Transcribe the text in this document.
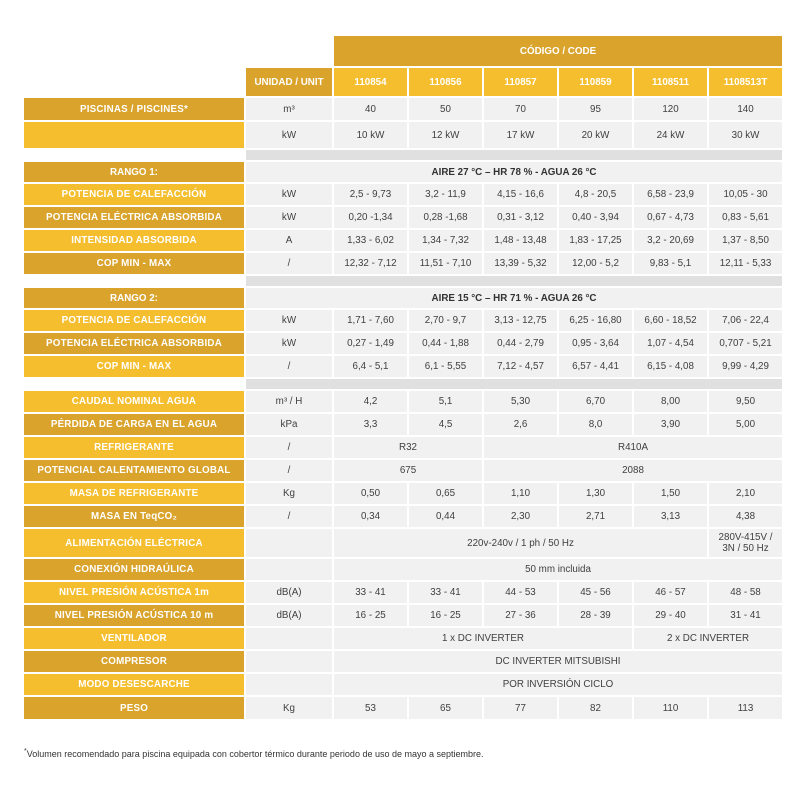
		CÓDIGO / CODE					
	UNIDAD / UNIT	110854	110856	110857	110859	1108511	1108513T
PISCINAS / PISCINES*	m³	40	50	70	95	120	140
	kW	10 kW	12 kW	17 kW	20 kW	24 kW	30 kW

RANGO 1:	AIRE 27 °C – HR 78 % - AGUA 26 °C						
POTENCIA DE CALEFACCIÓN	kW	2,5 - 9,73	3,2 - 11,9	4,15 - 16,6	4,8 - 20,5	6,58 - 23,9	10,05 - 30
POTENCIA ELÉCTRICA ABSORBIDA	kW	0,20 -1,34	0,28 -1,68	0,31 - 3,12	0,40 - 3,94	0,67 - 4,73	0,83 - 5,61
INTENSIDAD ABSORBIDA	A	1,33 - 6,02	1,34 - 7,32	1,48 - 13,48	1,83 - 17,25	3,2 - 20,69	1,37 - 8,50
COP MIN - MAX	/	12,32 - 7,12	11,51 - 7,10	13,39 - 5,32	12,00 - 5,2	9,83 - 5,1	12,11 - 5,33

RANGO 2:	AIRE 15 °C – HR 71 % - AGUA 26 °C						
POTENCIA DE CALEFACCIÓN	kW	1,71 - 7,60	2,70 - 9,7	3,13 - 12,75	6,25 - 16,80	6,60 - 18,52	7,06 - 22,4
POTENCIA ELÉCTRICA ABSORBIDA	kW	0,27 - 1,49	0,44 - 1,88	0,44 - 2,79	0,95 - 3,64	1,07 - 4,54	0,707 - 5,21
COP MIN - MAX	/	6,4 - 5,1	6,1 - 5,55	7,12 - 4,57	6,57 - 4,41	6,15 - 4,08	9,99 - 4,29

CAUDAL NOMINAL AGUA	m³ / H	4,2	5,1	5,30	6,70	8,00	9,50
PÉRDIDA DE CARGA EN EL AGUA	kPa	3,3	4,5	2,6	8,0	3,90	5,00
REFRIGERANTE	/	R32		R410A			
POTENCIAL CALENTAMIENTO GLOBAL	/	675		2088			
MASA DE REFRIGERANTE	Kg	0,50	0,65	1,10	1,30	1,50	2,10
MASA EN TeqCO₂	/	0,34	0,44	2,30	2,71	3,13	4,38
ALIMENTACIÓN ELÉCTRICA		220v-240v / 1 ph / 50 Hz					280V-415V /
3N / 50 Hz
CONEXIÓN HIDRAÚLICA		50 mm incluida					
NIVEL PRESIÓN ACÚSTICA 1m	dB(A)	33 - 41	33 - 41	44 - 53	45 - 56	46 - 57	48 - 58
NIVEL PRESIÓN ACÚSTICA 10 m	dB(A)	16 - 25	16 - 25	27 - 36	28 - 39	29 - 40	31 - 41
VENTILADOR		1 x DC INVERTER				2 x DC INVERTER	
COMPRESOR		DC INVERTER MITSUBISHI					
MODO DESESCARCHE		POR INVERSIÓN CICLO					
PESO	Kg	53	65	77	82	110	113
*Volumen recomendado para piscina equipada con cobertor térmico durante periodo de uso de mayo a septiembre.
